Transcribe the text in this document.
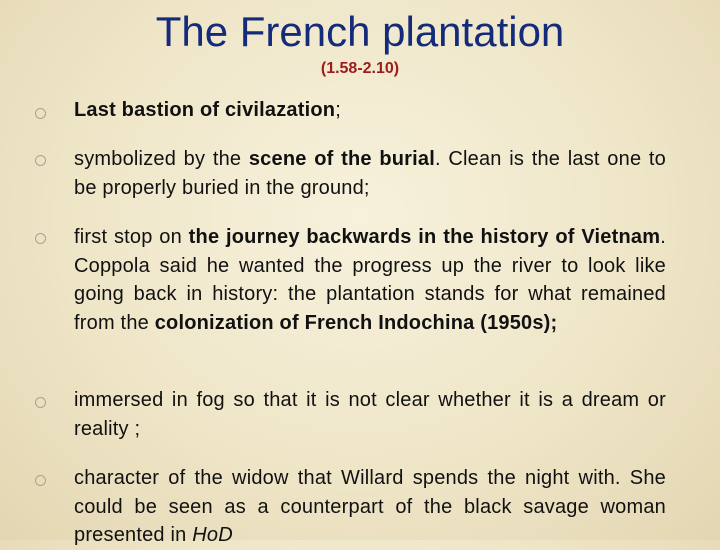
The French plantation
(1.58-2.10)
Last bastion of civilazation;
symbolized by the scene of the burial. Clean is the last one to be properly buried in the ground;
first stop on the journey backwards in the history of Vietnam. Coppola said he wanted the progress up the river to look like going back in history: the plantation stands for what remained from the colonization of French Indochina (1950s);
immersed in fog so that it is not clear whether it is a dream or reality ;
character of the widow that Willard spends the night with. She could be seen as a counterpart of the black savage woman presented in HoD
